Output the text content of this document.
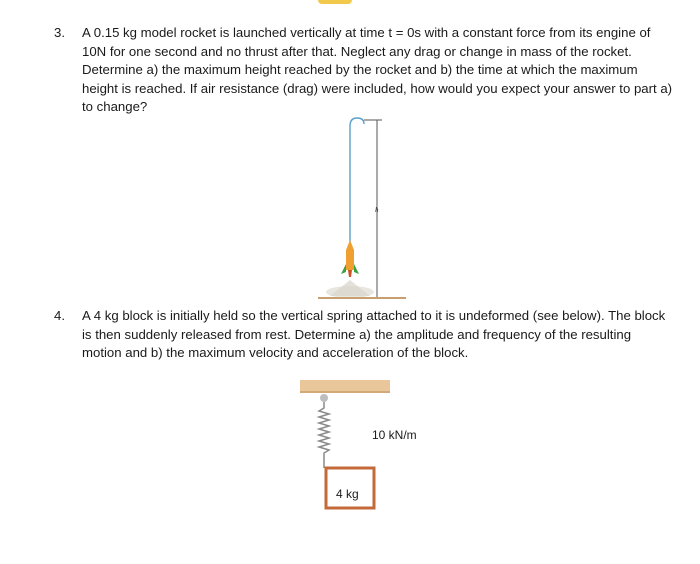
3. A 0.15 kg model rocket is launched vertically at time t = 0s with a constant force from its engine of 10N for one second and no thrust after that. Neglect any drag or change in mass of the rocket. Determine a) the maximum height reached by the rocket and b) the time at which the maximum height is reached. If air resistance (drag) were included, how would you expect your answer to part a) to change?
h
4. A 4 kg block is initially held so the vertical spring attached to it is undeformed (see below). The block is then suddenly released from rest. Determine a) the amplitude and frequency of the resulting motion and b) the maximum velocity and acceleration of the block.
10 kN/m
4 kg
